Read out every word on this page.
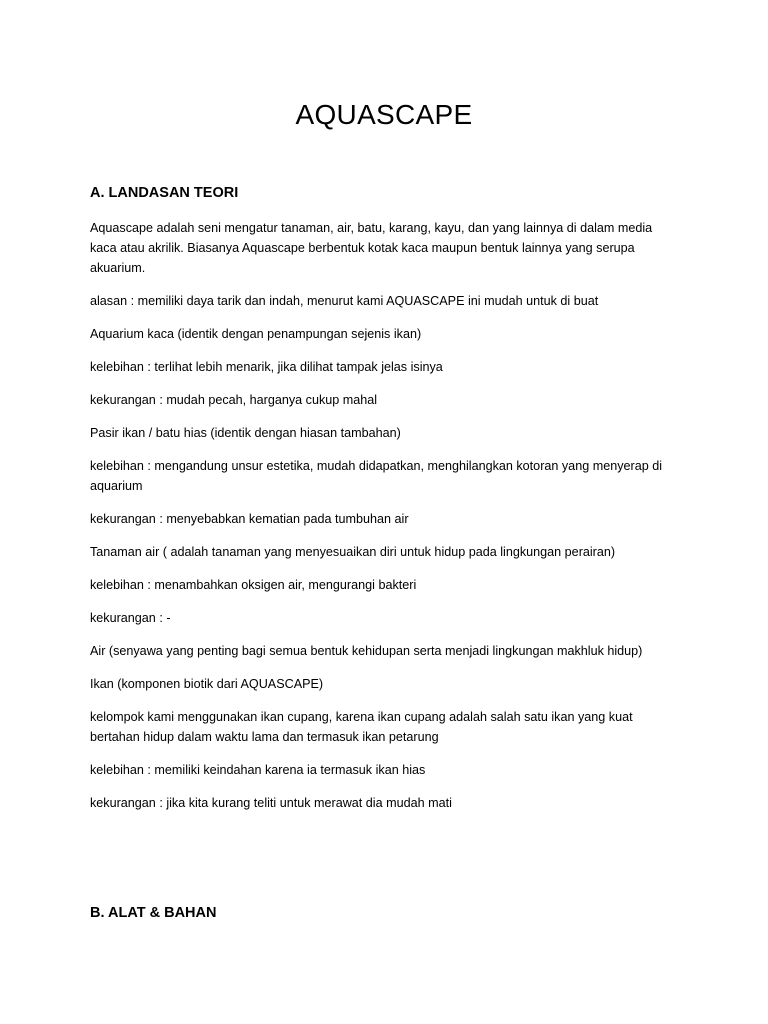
AQUASCAPE
A. LANDASAN TEORI

Aquascape adalah seni mengatur tanaman, air, batu, karang, kayu, dan yang lainnya di dalam media kaca atau akrilik. Biasanya Aquascape berbentuk kotak kaca maupun bentuk lainnya yang serupa akuarium.

alasan : memiliki daya tarik dan indah, menurut kami AQUASCAPE ini mudah untuk di buat

Aquarium kaca (identik dengan penampungan sejenis ikan)

kelebihan : terlihat lebih menarik, jika dilihat tampak jelas isinya

kekurangan : mudah pecah, harganya cukup mahal

Pasir ikan / batu hias (identik dengan hiasan tambahan)

kelebihan : mengandung unsur estetika, mudah didapatkan, menghilangkan kotoran yang menyerap di aquarium

kekurangan : menyebabkan kematian pada tumbuhan air

Tanaman air ( adalah tanaman yang menyesuaikan diri untuk hidup pada lingkungan perairan)

kelebihan : menambahkan oksigen air, mengurangi bakteri

kekurangan : -

Air (senyawa yang penting bagi semua bentuk kehidupan serta menjadi lingkungan makhluk hidup)

Ikan (komponen biotik dari AQUASCAPE)

kelompok kami menggunakan ikan cupang, karena ikan cupang adalah salah satu ikan yang kuat bertahan hidup dalam waktu lama dan termasuk ikan petarung

kelebihan : memiliki keindahan karena ia termasuk ikan hias

kekurangan : jika kita kurang teliti untuk merawat dia mudah mati

B. ALAT & BAHAN
